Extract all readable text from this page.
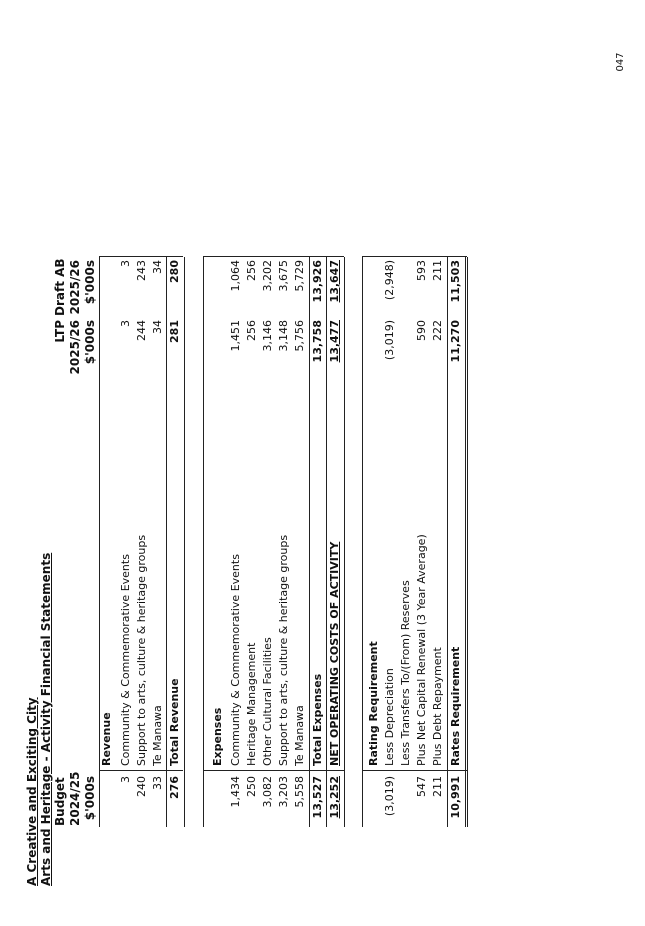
047
A Creative and Exciting City Arts and Heritage - Activity Financial Statements Budget 2024/25 $'000s
LTP 2025/26 $'000s
Draft AB 2025/26 $'000s
Revenue
3
Community & Commemorative Events
3
3
240
Support to arts, culture & heritage groups
244
243
33
Te Manawa
34
34
276
Total Revenue
281
280
Expenses
1,434
Community & Commemorative Events
1,451
1,064
250
Heritage Management
256
256
3,082
Other Cultural Facilities
3,146
3,202
3,203
Support to arts, culture & heritage groups
3,148
3,675
5,558
Te Manawa
5,756
5,729
13,527
Total Expenses
13,758
13,926
13,252
NET OPERATING COSTS OF ACTIVITY
13,477
13,647
Rating Requirement
(3,019)
Less Depreciation
(3,019)
(2,948)
Less Transfers To/(From) Reserves
547
Plus Net Capital Renewal (3 Year Average)
590
593
211
Plus Debt Repayment
222
211
10,991
Rates Requirement
11,270
11,503
